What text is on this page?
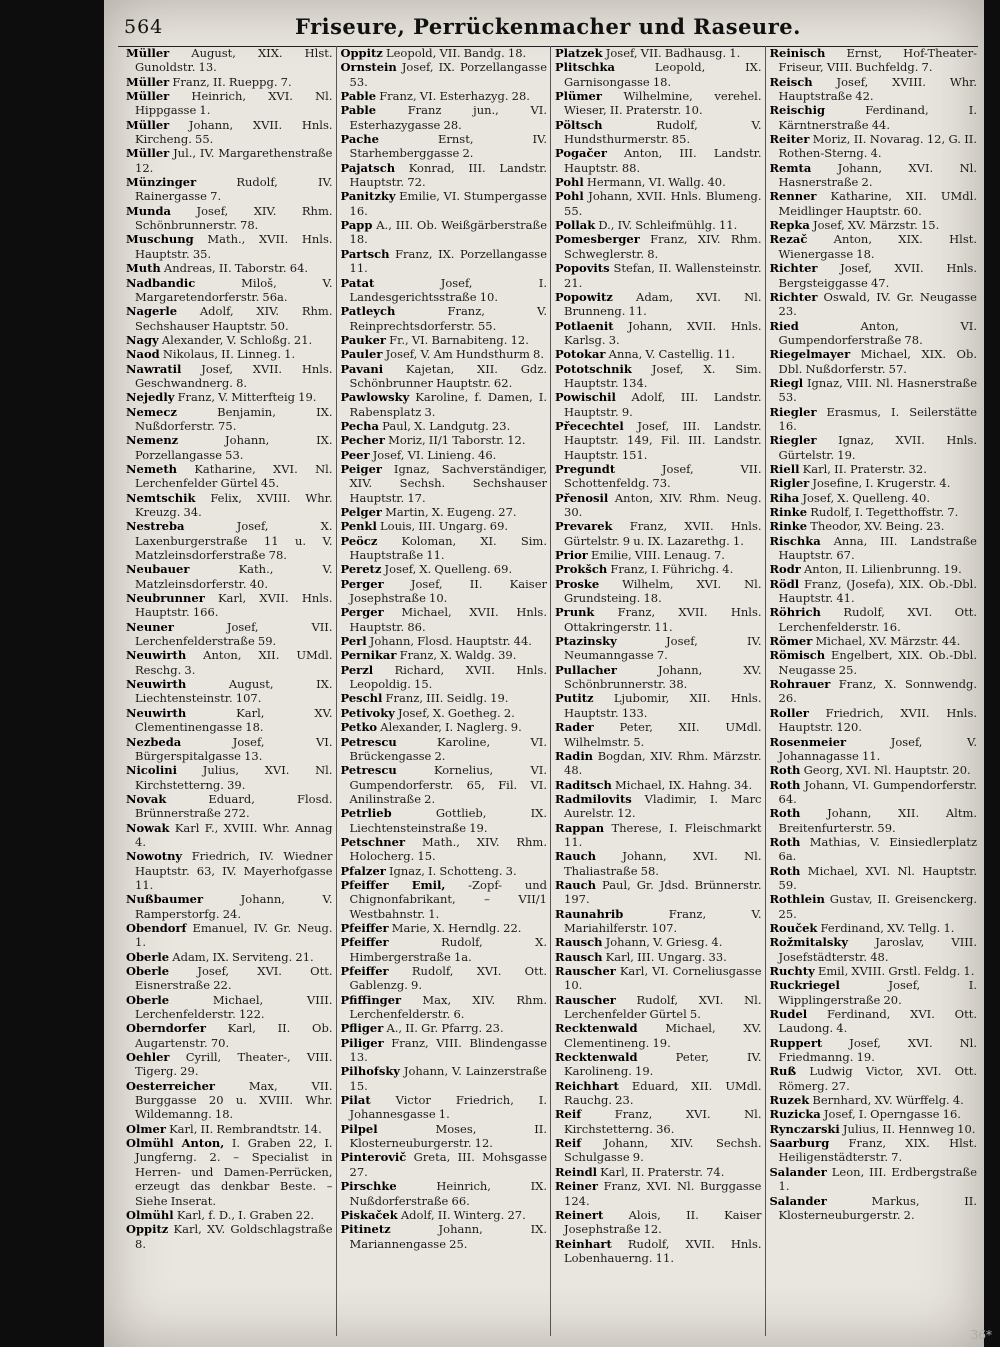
564	Friseure, Perrückenmacher und Raseure.
Müller August, XIX. Hlst. Gunoldstr. 13.
Müller Franz, II. Rueppg. 7.
Müller Heinrich, XVI. Nl. Hippgasse 1.
Müller Johann, XVII. Hnls. Kircheng. 55.
Müller Jul., IV. Margarethenstraße 12.
Münzinger	Rudolf, IV. Rainergasse 7.
Munda Josef, XIV. Rhm. Schönbrunnerstr. 78.
Muschung Math., XVII. Hnls. Hauptstr. 35.
Muth Andreas, II. Taborstr. 64.
Nadbandic	Miloš, V. Margaretendorferstr. 56a.
Nagerle Adolf, XIV. Rhm. Sechshauser Hauptstr. 50.
Nagy Alexander, V. Schloßg. 21.
Naod Nikolaus, II. Linneg. 1.
Nawratil Josef, XVII. Hnls. Geschwandnerg. 8.
Nejedly Franz, V. Mitterfteig 19.
Nemecz	Benjamin, IX. Nußdorferstr. 75.
Nemenz	Johann, IX. Porzellangasse 53.
Nemeth Katharine, XVI. Nl. Lerchenfelder Gürtel 45.
Nemtschik Felix, XVIII. Whr. Kreuzg. 34.
Nestreba	Josef, X. Laxenburgerstraße 11 u. V. Matzleinsdorferstraße 78.
Neubauer	Kath., V. Matzleinsdorferstr. 40.
Neubrunner Karl, XVII. Hnls. Hauptstr. 166.
Neuner	Josef, VII. Lerchenfelderstraße 59.
Neuwirth Anton, XII. UMdl. Reschg. 3.
Neuwirth	August, IX. Liechtensteinstr. 107.
Neuwirth	Karl, XV. Clementinengasse 18.
Nezbeda	Josef, VI. Bürgerspitalgasse 13.
Nicolini Julius, XVI. Nl. Kirchstetterng. 39.
Novak	Eduard, Flosd. Brünnerstraße 272.
Nowak Karl F., XVIII. Whr. Annag 4.
Nowotny Friedrich, IV. Wiedner Hauptstr. 63, IV. Mayerhofgasse 11.
Nußbaumer	Johann, V. Ramperstorfg. 24.
Obendorf Emanuel, IV. Gr. Neug. 1.
Oberle Adam, IX. Serviteng. 21.
Oberle Josef, XVI. Ott. Eisnerstraße 22.
Oberle	Michael, VIII. Lerchenfelderstr. 122.
Oberndorfer Karl, II. Ob. Augartenstr. 70.
Oehler Cyrill, Theater-, VIII. Tigerg. 29.
Oesterreicher	Max, VII. Burggasse 20 u. XVIII. Whr. Wildemanng. 18.
Olmer Karl, II. Rembrandtstr. 14.
Olmühl Anton, I. Graben 22, I. Jungferng. 2. – Specialist in Herren- und Damen-Perrücken, erzeugt das denkbar Beste. – Siehe Inserat.
Olmühl Karl, f. D., I. Graben 22.
Oppitz Karl, XV. Goldschlagstraße 8.
Oppitz Leopold, VII. Bandg. 18.
Ornstein Josef, IX. Porzellangasse 53.
Pable Franz, VI. Esterhazyg. 28.
Pable	Franz jun., VI. Esterhazygasse 28.
Pache	Ernst, IV. Starhemberggasse 2.
Pajatsch Konrad, III. Landstr. Hauptstr. 72.
Panitzky Emilie, VI. Stumpergasse 16.
Papp A., III. Ob. Weißgärberstraße 18.
Partsch Franz, IX. Porzellangasse 11.
Patat	Josef, I. Landesgerichtsstraße 10.
Patleych	Franz, V. Reinprechtsdorferstr. 55.
Pauker Fr., VI. Barnabiteng. 12.
Pauler Josef, V. Am Hundsthurm 8.
Pavani Kajetan, XII. Gdz. Schönbrunner Hauptstr. 62.
Pawlowsky Karoline, f. Damen, I. Rabensplatz 3.
Pecha Paul, X. Landgutg. 23.
Pecher Moriz, II/1 Taborstr. 12.
Peer Josef, VI. Linieng. 46.
Peiger Ignaz, Sachverständiger, XIV. Sechsh. Sechshauser Hauptstr. 17.
Pelger Martin, X. Eugeng. 27.
Penkl Louis, III. Ungarg. 69.
Peöcz Koloman, XI. Sim. Hauptstraße 11.
Peretz Josef, X. Quelleng. 69.
Perger Josef, II. Kaiser Josephstraße 10.
Perger Michael, XVII. Hnls. Hauptstr. 86.
Perl Johann, Flosd. Hauptstr. 44.
Pernikar Franz, X. Waldg. 39.
Perzl Richard, XVII. Hnls. Leopoldig. 15.
Peschl Franz, III. Seidlg. 19.
Petivoky Josef, X. Goetheg. 2.
Petko Alexander, I. Naglerg. 9.
Petrescu	Karoline, VI. Brückengasse 2.
Petrescu	Kornelius, VI. Gumpendorferstr. 65, Fil. VI. Anilinstraße 2.
Petrlieb	Gottlieb, IX. Liechtensteinstraße 19.
Petschner Math., XIV. Rhm. Holocherg. 15.
Pfalzer Ignaz, I. Schotteng. 3.
Pfeiffer Emil, -Zopf- und Chignonfabrikant, – VII/1 Westbahnstr. 1.
Pfeiffer Marie, X. Herndlg. 22.
Pfeiffer	Rudolf, X. Himbergerstraße 1a.
Pfeiffer Rudolf, XVI. Ott. Gablenzg. 9.
Pfiffinger Max, XIV. Rhm. Lerchenfelderstr. 6.
Pfliger A., II. Gr. Pfarrg. 23.
Piliger Franz, VIII. Blindengasse 13.
Pilhofsky Johann, V. Lainzerstraße 15.
Pilat Victor Friedrich, I. Johannesgasse 1.
Pilpel	Moses, II. Klosterneuburgerstr. 12.
Pinterovič Greta, III. Mohsgasse 27.
Pirschke	Heinrich, IX. Nußdorferstraße 66.
Piskaček Adolf, II. Winterg. 27.
Pitinetz	Johann, IX. Mariannengasse 25.
Platzek Josef, VII. Badhausg. 1.
Plitschka	Leopold, IX. Garnisongasse 18.
Plümer Wilhelmine, verehel. Wieser, II. Praterstr. 10.
Pöltsch	Rudolf, V. Hundsthurmerstr. 85.
Pogačer Anton, III. Landstr. Hauptstr. 88.
Pohl Hermann, VI. Wallg. 40.
Pohl Johann, XVII. Hnls. Blumeng. 55.
Pollak D., IV. Schleifmühlg. 11.
Pomesberger Franz, XIV. Rhm. Schweglerstr. 8.
Popovits Stefan, II. Wallensteinstr. 21.
Popowitz Adam, XVI. Nl. Brunneng. 11.
Potlaenit Johann, XVII. Hnls. Karlsg. 3.
Potokar Anna, V. Castellig. 11.
Pototschnik Josef, X. Sim. Hauptstr. 134.
Powischil Adolf, III. Landstr. Hauptstr. 9.
Přecechtel Josef, III. Landstr. Hauptstr. 149, Fil. III. Landstr. Hauptstr. 151.
Pregundt	Josef, VII. Schottenfeldg. 73.
Přenosil Anton, XIV. Rhm. Neug. 30.
Prevarek Franz, XVII. Hnls. Gürtelstr. 9 u. IX. Lazarethg. 1.
Prior Emilie, VIII. Lenaug. 7.
Prokšch Franz, I. Führichg. 4.
Proske Wilhelm, XVI. Nl. Grundsteing. 18.
Prunk Franz, XVII. Hnls. Ottakringerstr. 11.
Ptazinsky	Josef, IV. Neumanngasse 7.
Pullacher	Johann, XV. Schönbrunnerstr. 38.
Putitz Ljubomir, XII. Hnls. Hauptstr. 133.
Rader Peter, XII. UMdl. Wilhelmstr. 5.
Radin Bogdan, XIV. Rhm. Märzstr. 48.
Raditsch Michael, IX. Hahng. 34.
Radmilovits Vladimir, I. Marc Aurelstr. 12.
Rappan Therese, I. Fleischmarkt 11.
Rauch Johann, XVI. Nl. Thaliastraße 58.
Rauch Paul, Gr. Jdsd. Brünnerstr. 197.
Raunahrib	Franz, V. Mariahilferstr. 107.
Rausch Johann, V. Griesg. 4.
Rausch Karl, III. Ungarg. 33.
Rauscher Karl, VI. Corneliusgasse 10.
Rauscher Rudolf, XVI. Nl. Lerchenfelder Gürtel 5.
Recktenwald Michael, XV. Clementineng. 19.
Recktenwald	Peter, IV. Karolineng. 19.
Reichhart Eduard, XII. UMdl. Rauchg. 23.
Reif	Franz, XVI. Nl. Kirchstetterng. 36.
Reif Johann, XIV. Sechsh. Schulgasse 9.
Reindl Karl, II. Praterstr. 74.
Reiner Franz, XVI. Nl. Burggasse 124.
Reinert Alois, II. Kaiser Josephstraße 12.
Reinhart Rudolf, XVII. Hnls. Lobenhauerng. 11.
Reinisch Ernst, Hof-Theater-Friseur, VIII. Buchfeldg. 7.
Reisch Josef, XVIII. Whr. Hauptstraße 42.
Reischig	Ferdinand, I. Kärntnerstraße 44.
Reiter Moriz, II. Novarag. 12, G. II. Rothen-Sterng. 4.
Remta Johann, XVI. Nl. Hasnerstraße 2.
Renner Katharine, XII. UMdl. Meidlinger Hauptstr. 60.
Repka Josef, XV. Märzstr. 15.
Rezač Anton, XIX. Hlst. Wienergasse 18.
Richter Josef, XVII. Hnls. Bergsteiggasse 47.
Richter Oswald, IV. Gr. Neugasse 23.
Ried	Anton, VI. Gumpendorferstraße 78.
Riegelmayer Michael, XIX. Ob. Dbl. Nußdorferstr. 57.
Riegl Ignaz, VIII. Nl. Hasnerstraße 53.
Riegler Erasmus, I. Seilerstätte 16.
Riegler Ignaz, XVII. Hnls. Gürtelstr. 19.
Riell Karl, II. Praterstr. 32.
Rigler Josefine, I. Krugerstr. 4.
Riha Josef, X. Quelleng. 40.
Rinke Rudolf, I. Tegetthoffstr. 7.
Rinke Theodor, XV. Being. 23.
Rischka Anna, III. Landstraße Hauptstr. 67.
Rodr Anton, II. Lilienbrunng. 19.
Rödl Franz, (Josefa), XIX. Ob.-Dbl. Hauptstr. 41.
Röhrich Rudolf, XVI. Ott. Lerchenfelderstr. 16.
Römer Michael, XV. Märzstr. 44.
Römisch Engelbert, XIX. Ob.-Dbl. Neugasse 25.
Rohrauer Franz, X. Sonnwendg. 26.
Roller Friedrich, XVII. Hnls. Hauptstr. 120.
Rosenmeier	Josef, V. Johannagasse 11.
Roth Georg, XVI. Nl. Hauptstr. 20.
Roth Johann, VI. Gumpendorferstr. 64.
Roth Johann, XII. Altm. Breitenfurterstr. 59.
Roth Mathias, V. Einsiedlerplatz 6a.
Roth Michael, XVI. Nl. Hauptstr. 59.
Rothlein Gustav, II. Greisenckerg. 25.
Rouček Ferdinand, XV. Tellg. 1.
Rožmitalsky Jaroslav, VIII. Josefstädterstr. 48.
Ruchty Emil, XVIII. Grstl. Feldg. 1.
Ruckriegel	Josef, I. Wipplingerstraße 20.
Rudel Ferdinand, XVI. Ott. Laudong. 4.
Ruppert Josef, XVI. Nl. Friedmanng. 19.
Ruß Ludwig Victor, XVI. Ott. Römerg. 27.
Ruzek Bernhard, XV. Würffelg. 4.
Ruzicka Josef, I. Operngasse 16.
Rynczarski Julius, II. Hennweg 10.
Saarburg Franz, XIX. Hlst. Heiligenstädterstr. 7.
Salander Leon, III. Erdbergstraße 1.
Salander	Markus, II. Klosterneuburgerstr. 2.
36*
